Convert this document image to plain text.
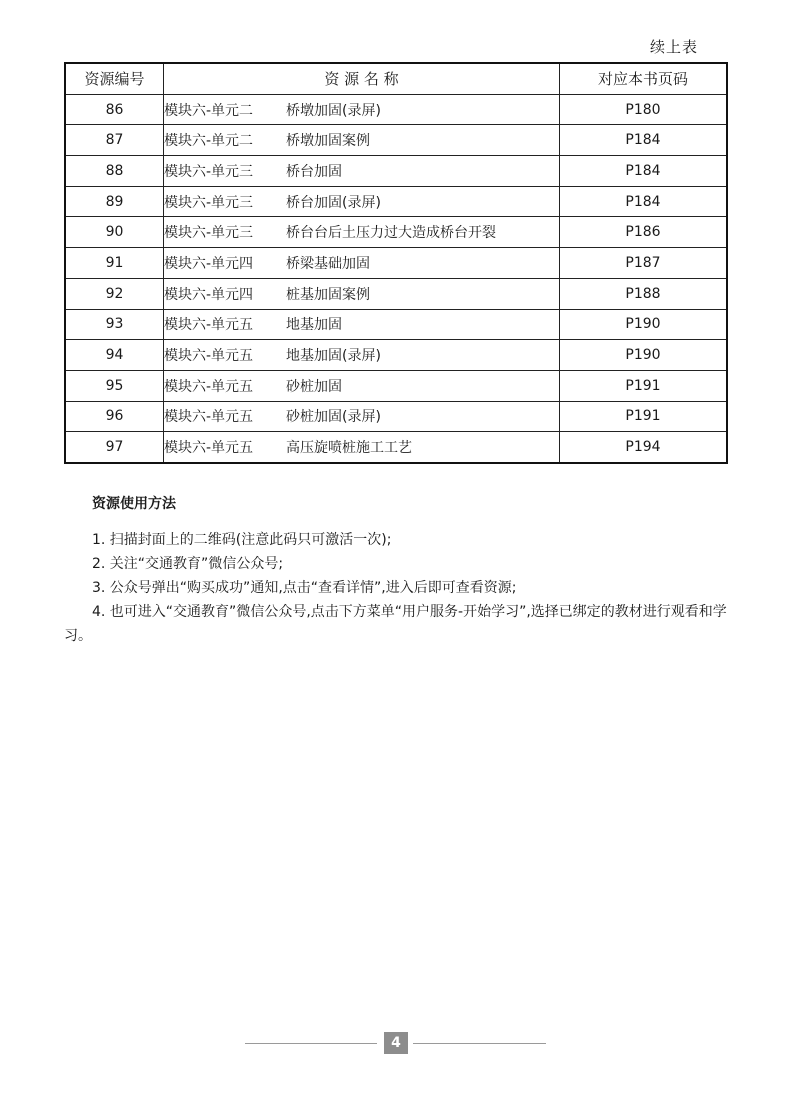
续上表
资源编号	资 源 名 称	对应本书页码
86	模块六-单元二 桥墩加固(录屏)	P180
87	模块六-单元二 桥墩加固案例	P184
88	模块六-单元三 桥台加固	P184
89	模块六-单元三 桥台加固(录屏)	P184
90	模块六-单元三 桥台台后土压力过大造成桥台开裂	P186
91	模块六-单元四 桥梁基础加固	P187
92	模块六-单元四 桩基加固案例	P188
93	模块六-单元五 地基加固	P190
94	模块六-单元五 地基加固(录屏)	P190
95	模块六-单元五 砂桩加固	P191
96	模块六-单元五 砂桩加固(录屏)	P191
97	模块六-单元五 高压旋喷桩施工工艺	P194
资源使用方法
1. 扫描封面上的二维码(注意此码只可激活一次);
2. 关注“交通教育”微信公众号;
3. 公众号弹出“购买成功”通知,点击“查看详情”,进入后即可查看资源;
4. 也可进入“交通教育”微信公众号,点击下方菜单“用户服务-开始学习”,选择已绑定的教材进行观看和学习。
4
